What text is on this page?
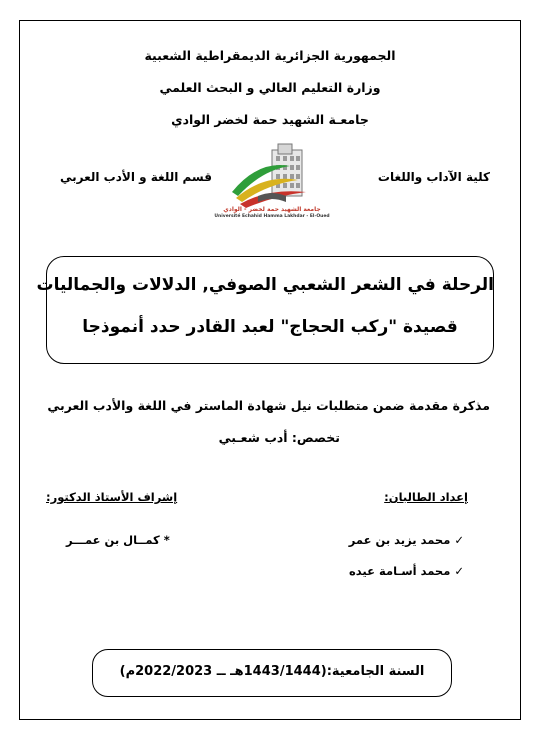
الجمهورية الجزائرية الديمقراطية الشعبية
وزارة التعليم العالي و البحث العلمي
جامعـة الشهيد حمة لخضر الوادي
كلية الآداب واللغات
قسم اللغة و الأدب العربي
جامعة الشهيد حمة لخضر - الوادي
Université Echahid Hamma Lakhdar - El-Oued
الرحلة في الشعر الشعبي الصوفي, الدلالات والجماليات
قصيدة "ركب الحجاج" لعبد القادر حدد أنموذجا
مذكرة مقدمة ضمن متطلبات نيل شهادة الماستر في اللغة والأدب العربي
تخصص: أدب شعـبي
إعداد الطالبان:
إشراف الأستاذ الدكتور:
✓ محمد يزيد بن عمر
✓ محمد أسـامة عيده
* كمــال بن عمـــر
السنة الجامعية:(1443/1444هـ ــ 2022/2023م)
